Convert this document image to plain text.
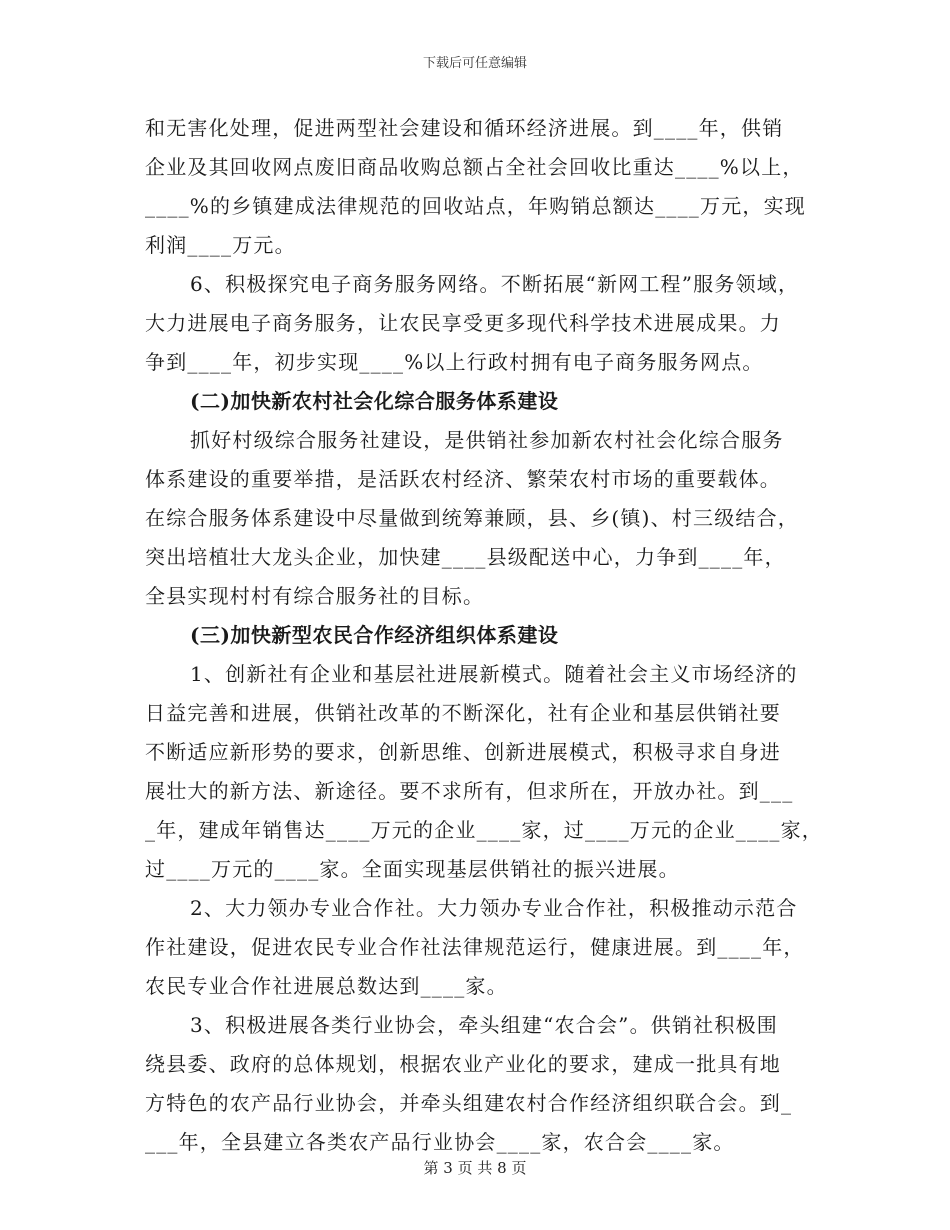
下载后可任意编辑
和无害化处理，促进两型社会建设和循环经济进展。到____年，供销
企业及其回收网点废旧商品收购总额占全社会回收比重达____%以上，
____%的乡镇建成法律规范的回收站点，年购销总额达____万元，实现
利润____万元。
6、积极探究电子商务服务网络。不断拓展“新网工程”服务领域，
大力进展电子商务服务，让农民享受更多现代科学技术进展成果。力
争到____年，初步实现____%以上行政村拥有电子商务服务网点。
(二)加快新农村社会化综合服务体系建设
抓好村级综合服务社建设，是供销社参加新农村社会化综合服务
体系建设的重要举措，是活跃农村经济、繁荣农村市场的重要载体。
在综合服务体系建设中尽量做到统筹兼顾，县、乡(镇)、村三级结合，
突出培植壮大龙头企业，加快建____县级配送中心，力争到____年，
全县实现村村有综合服务社的目标。
(三)加快新型农民合作经济组织体系建设
1、创新社有企业和基层社进展新模式。随着社会主义市场经济的
日益完善和进展，供销社改革的不断深化，社有企业和基层供销社要
不断适应新形势的要求，创新思维、创新进展模式，积极寻求自身进
展壮大的新方法、新途径。要不求所有，但求所在，开放办社。到___
_年，建成年销售达____万元的企业____家，过____万元的企业____家，
过____万元的____家。全面实现基层供销社的振兴进展。
2、大力领办专业合作社。大力领办专业合作社，积极推动示范合
作社建设，促进农民专业合作社法律规范运行，健康进展。到____年，
农民专业合作社进展总数达到____家。
3、积极进展各类行业协会，牵头组建“农合会”。供销社积极围
绕县委、政府的总体规划，根据农业产业化的要求，建成一批具有地
方特色的农产品行业协会，并牵头组建农村合作经济组织联合会。到_
___年，全县建立各类农产品行业协会____家，农合会____家。
第 3 页 共 8 页
